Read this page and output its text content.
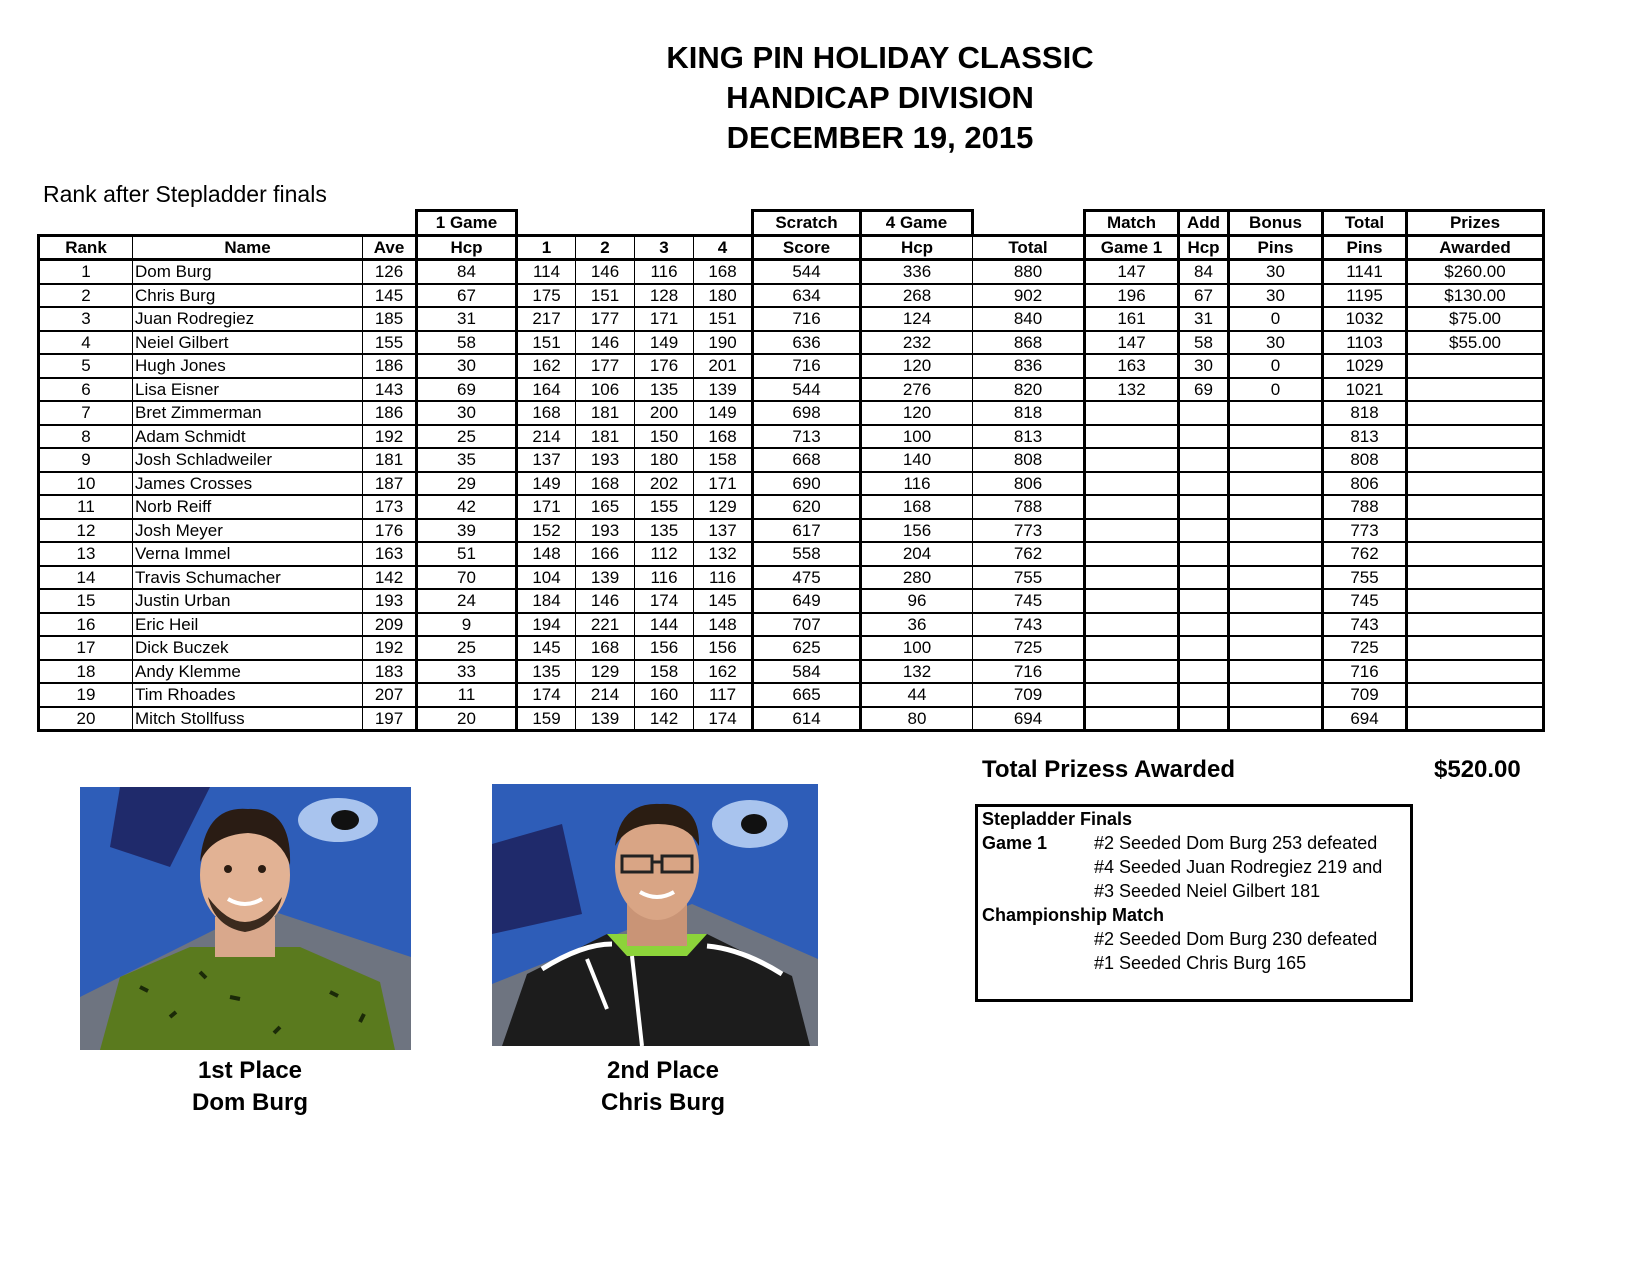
KING PIN HOLIDAY CLASSIC
HANDICAP DIVISION
DECEMBER 19, 2015
Rank after Stepladder finals
			1 Game					Scratch	4 Game		Match	Add	Bonus	Total	Prizes
Rank	Name	Ave	Hcp	1	2	3	4	Score	Hcp	Total	Game 1	Hcp	Pins	Pins	Awarded
1	Dom Burg	126	84	114	146	116	168	544	336	880	147	84	30	1141	$260.00
2	Chris Burg	145	67	175	151	128	180	634	268	902	196	67	30	1195	$130.00
3	Juan Rodregiez	185	31	217	177	171	151	716	124	840	161	31	0	1032	$75.00
4	Neiel Gilbert	155	58	151	146	149	190	636	232	868	147	58	30	1103	$55.00
5	Hugh Jones	186	30	162	177	176	201	716	120	836	163	30	0	1029	
6	Lisa Eisner	143	69	164	106	135	139	544	276	820	132	69	0	1021	
7	Bret Zimmerman	186	30	168	181	200	149	698	120	818				818	
8	Adam Schmidt	192	25	214	181	150	168	713	100	813				813	
9	Josh Schladweiler	181	35	137	193	180	158	668	140	808				808	
10	James Crosses	187	29	149	168	202	171	690	116	806				806	
11	Norb Reiff	173	42	171	165	155	129	620	168	788				788	
12	Josh Meyer	176	39	152	193	135	137	617	156	773				773	
13	Verna Immel	163	51	148	166	112	132	558	204	762				762	
14	Travis Schumacher	142	70	104	139	116	116	475	280	755				755	
15	Justin Urban	193	24	184	146	174	145	649	96	745				745	
16	Eric Heil	209	9	194	221	144	148	707	36	743				743	
17	Dick Buczek	192	25	145	168	156	156	625	100	725				725	
18	Andy Klemme	183	33	135	129	158	162	584	132	716				716	
19	Tim Rhoades	207	11	174	214	160	117	665	44	709				709	
20	Mitch Stollfuss	197	20	159	139	142	174	614	80	694				694	
Total Prizess Awarded	$520.00
Stepladder Finals
Game 1	#2 Seeded Dom Burg 253 defeated
#4 Seeded Juan Rodregiez 219 and
#3 Seeded Neiel Gilbert 181
Championship Match
#2 Seeded Dom Burg 230 defeated
#1 Seeded Chris Burg 165
1st Place
Dom Burg
2nd Place
Chris Burg
